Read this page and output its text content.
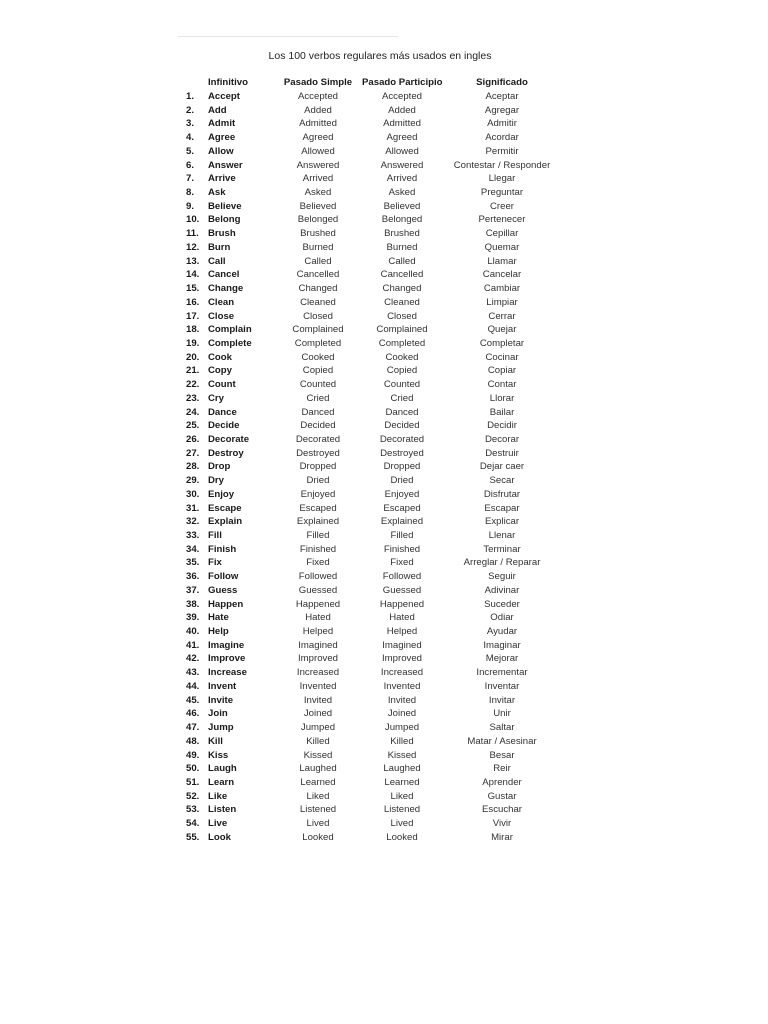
Los 100 verbos regulares más usados en ingles
Infinitivo	Pasado Simple	Pasado Participio	Significado
1.	Accept	Accepted	Accepted	Aceptar
2.	Add	Added	Added	Agregar
3.	Admit	Admitted	Admitted	Admitir
4.	Agree	Agreed	Agreed	Acordar
5.	Allow	Allowed	Allowed	Permitir
6.	Answer	Answered	Answered	Contestar / Responder
7.	Arrive	Arrived	Arrived	Llegar
8.	Ask	Asked	Asked	Preguntar
9.	Believe	Believed	Believed	Creer
10. Belong	Belonged	Belonged	Pertenecer
11. Brush	Brushed	Brushed	Cepillar
12. Burn	Burned	Burned	Quemar
13. Call	Called	Called	Llamar
14. Cancel	Cancelled	Cancelled	Cancelar
15. Change	Changed	Changed	Cambiar
16. Clean	Cleaned	Cleaned	Limpiar
17. Close	Closed	Closed	Cerrar
18. Complain	Complained	Complained	Quejar
19. Complete	Completed	Completed	Completar
20. Cook	Cooked	Cooked	Cocinar
21. Copy	Copied	Copied	Copiar
22. Count	Counted	Counted	Contar
23. Cry	Cried	Cried	Llorar
24. Dance	Danced	Danced	Bailar
25. Decide	Decided	Decided	Decidir
26. Decorate	Decorated	Decorated	Decorar
27. Destroy	Destroyed	Destroyed	Destruir
28. Drop	Dropped	Dropped	Dejar caer
29. Dry	Dried	Dried	Secar
30. Enjoy	Enjoyed	Enjoyed	Disfrutar
31. Escape	Escaped	Escaped	Escapar
32. Explain	Explained	Explained	Explicar
33. Fill	Filled	Filled	Llenar
34. Finish	Finished	Finished	Terminar
35. Fix	Fixed	Fixed	Arreglar / Reparar
36. Follow	Followed	Followed	Seguir
37. Guess	Guessed	Guessed	Adivinar
38. Happen	Happened	Happened	Suceder
39. Hate	Hated	Hated	Odiar
40. Help	Helped	Helped	Ayudar
41. Imagine	Imagined	Imagined	Imaginar
42. Improve	Improved	Improved	Mejorar
43. Increase	Increased	Increased	Incrementar
44. Invent	Invented	Invented	Inventar
45. Invite	Invited	Invited	Invitar
46. Join	Joined	Joined	Unir
47. Jump	Jumped	Jumped	Saltar
48. Kill	Killed	Killed	Matar / Asesinar
49. Kiss	Kissed	Kissed	Besar
50. Laugh	Laughed	Laughed	Reir
51. Learn	Learned	Learned	Aprender
52. Like	Liked	Liked	Gustar
53. Listen	Listened	Listened	Escuchar
54. Live	Lived	Lived	Vivir
55. Look	Looked	Looked	Mirar
